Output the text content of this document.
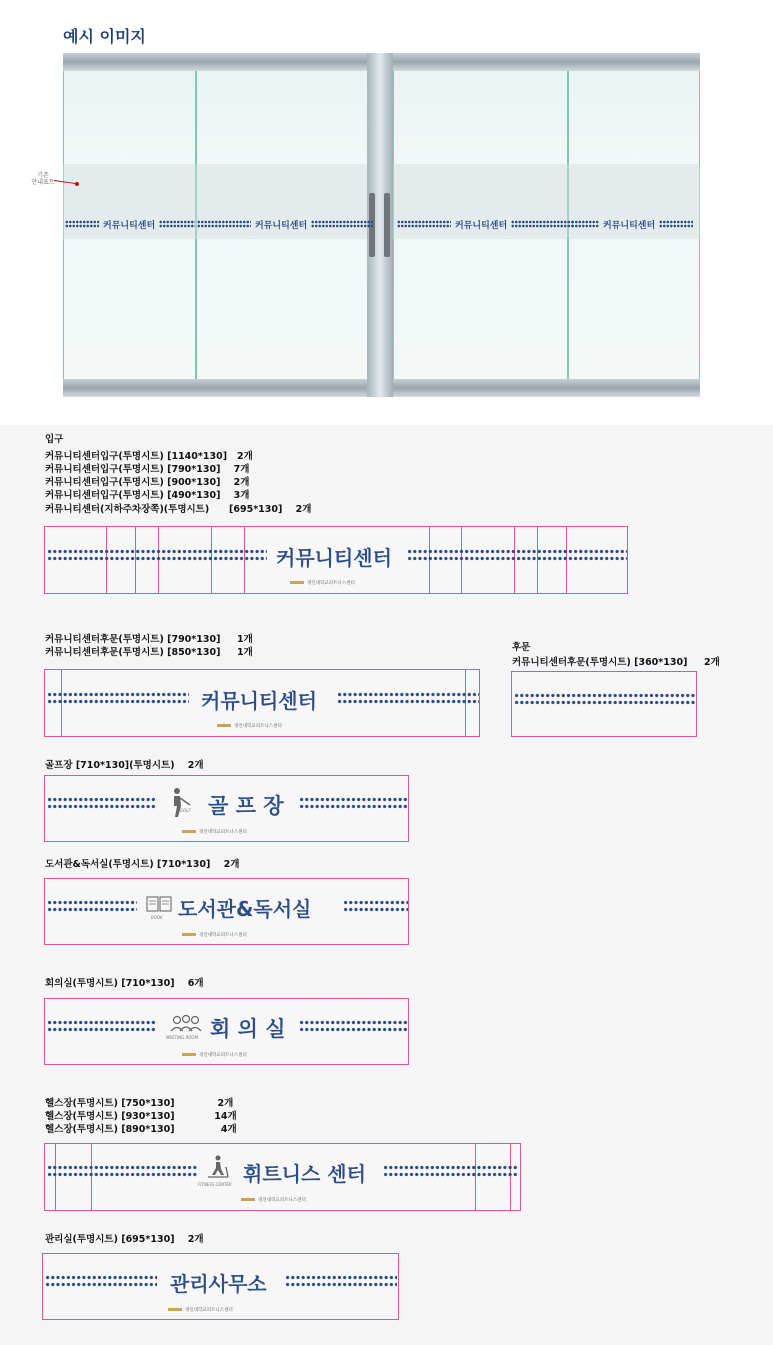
예시 이미지
커뮤니티센터	커뮤니티센터	커뮤니티센터	커뮤니티센터
기존
안내표트
입구
커뮤니티센터입구(투명시트) [1140*130]   2개
커뮤니티센터입구(투명시트) [790*130]    7개
커뮤니티센터입구(투명시트) [900*130]    2개
커뮤니티센터입구(투명시트) [490*130]    3개
커뮤니티센터(지하주차장쪽)(투명시트)      [695*130]    2개
커뮤니티센터
경인대학교피트니스센터
커뮤니티센터후문(투명시트) [790*130]     1개
커뮤니티센터후문(투명시트) [850*130]     1개
커뮤니티센터
경인대학교피트니스센터
후문
커뮤니티센터후문(투명시트) [360*130]     2개
골프장 [710*130](투명시트)    2개
GOLF 골 프 장
경인대학교피트니스센터
도서관&독서실(투명시트) [710*130]    2개
BOOK 도서관&독서실
경인대학교피트니스센터
회의실(투명시트) [710*130]    6개
MEETING ROOM 회 의 실
경인대학교피트니스센터
헬스장(투명시트) [750*130]             2개
헬스장(투명시트) [930*130]            14개
헬스장(투명시트) [890*130]              4개
FITNESS CENTER 휘트니스 센터
경인대학교피트니스센터
관리실(투명시트) [695*130]    2개
관리사무소
경인대학교피트니스센터
